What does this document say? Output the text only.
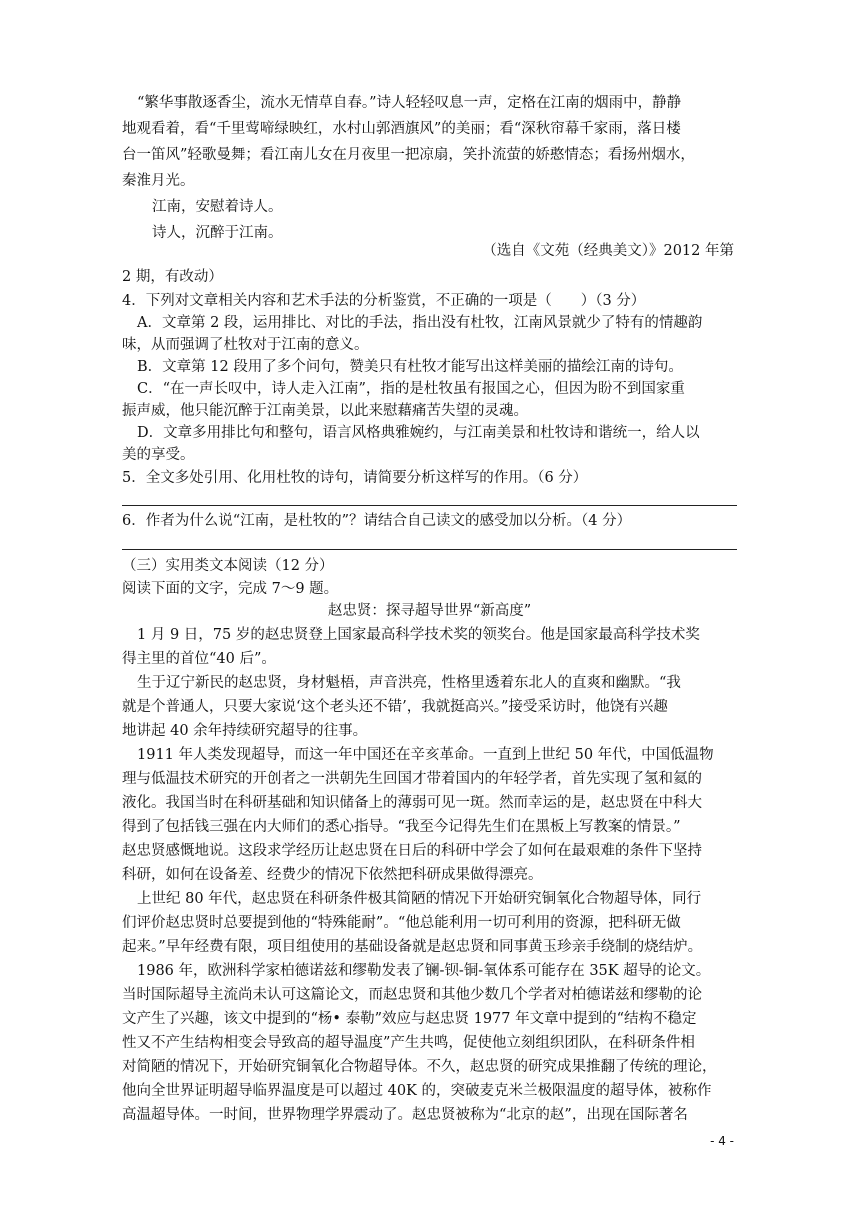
“繁华事散逐香尘，流水无情草自春。”诗人轻轻叹息一声，定格在江南的烟雨中，静静

地观看着，看“千里莺啼绿映红，水村山郭酒旗风”的美丽；看“深秋帘幕千家雨，落日楼

台一笛风”轻歌曼舞；看江南儿女在月夜里一把凉扇，笑扑流萤的娇憨情态；看扬州烟水，

秦淮月光。

江南，安慰着诗人。

诗人，沉醉于江南。

（选自《文苑（经典美文）》2012 年第

2 期，有改动）

4．下列对文章相关内容和艺术手法的分析鉴赏，不正确的一项是（　　）（3 分）

A．文章第 2 段，运用排比、对比的手法，指出没有杜牧，江南风景就少了特有的情趣韵

味，从而强调了杜牧对于江南的意义。

B．文章第 12 段用了多个问句，赞美只有杜牧才能写出这样美丽的描绘江南的诗句。

C．“在一声长叹中，诗人走入江南”，指的是杜牧虽有报国之心，但因为盼不到国家重

振声威，他只能沉醉于江南美景，以此来慰藉痛苦失望的灵魂。

D．文章多用排比句和整句，语言风格典雅婉约，与江南美景和杜牧诗和谐统一，给人以

美的享受。

5．全文多处引用、化用杜牧的诗句，请简要分析这样写的作用。（6 分）

6．作者为什么说“江南，是杜牧的”？请结合自己读文的感受加以分析。（4 分）

（三）实用类文本阅读（12 分）

阅读下面的文字，完成 7～9 题。

赵忠贤：探寻超导世界“新高度”

1 月 9 日，75 岁的赵忠贤登上国家最高科学技术奖的领奖台。他是国家最高科学技术奖

得主里的首位“40 后”。

生于辽宁新民的赵忠贤，身材魁梧，声音洪亮，性格里透着东北人的直爽和幽默。“我

就是个普通人，只要大家说‘这个老头还不错’，我就挺高兴。”接受采访时，他饶有兴趣

地讲起 40 余年持续研究超导的往事。

1911 年人类发现超导，而这一年中国还在辛亥革命。一直到上世纪 50 年代，中国低温物

理与低温技术研究的开创者之一洪朝先生回国才带着国内的年轻学者，首先实现了氢和氦的

液化。我国当时在科研基础和知识储备上的薄弱可见一斑。然而幸运的是，赵忠贤在中科大

得到了包括钱三强在内大师们的悉心指导。“我至今记得先生们在黑板上写教案的情景。”

赵忠贤感慨地说。这段求学经历让赵忠贤在日后的科研中学会了如何在最艰难的条件下坚持

科研，如何在设备差、经费少的情况下依然把科研成果做得漂亮。

上世纪 80 年代，赵忠贤在科研条件极其简陋的情况下开始研究铜氧化合物超导体，同行

们评价赵忠贤时总要提到他的“特殊能耐”。“他总能利用一切可利用的资源，把科研无做

起来。”早年经费有限，项目组使用的基础设备就是赵忠贤和同事黄玉珍亲手绕制的烧结炉。

1986 年，欧洲科学家柏德诺兹和缪勒发表了镧-钡-铜-氧体系可能存在 35K 超导的论文。

当时国际超导主流尚未认可这篇论文，而赵忠贤和其他少数几个学者对柏德诺兹和缪勒的论

文产生了兴趣，该文中提到的“杨• 泰勒”效应与赵忠贤 1977 年文章中提到的“结构不稳定

性又不产生结构相变会导致高的超导温度”产生共鸣，促使他立刻组织团队，在科研条件相

对简陋的情况下，开始研究铜氧化合物超导体。不久，赵忠贤的研究成果推翻了传统的理论，

他向全世界证明超导临界温度是可以超过 40K 的，突破麦克米兰极限温度的超导体，被称作

高温超导体。一时间，世界物理学界震动了。赵忠贤被称为“北京的赵”，出现在国际著名

- 4 -
